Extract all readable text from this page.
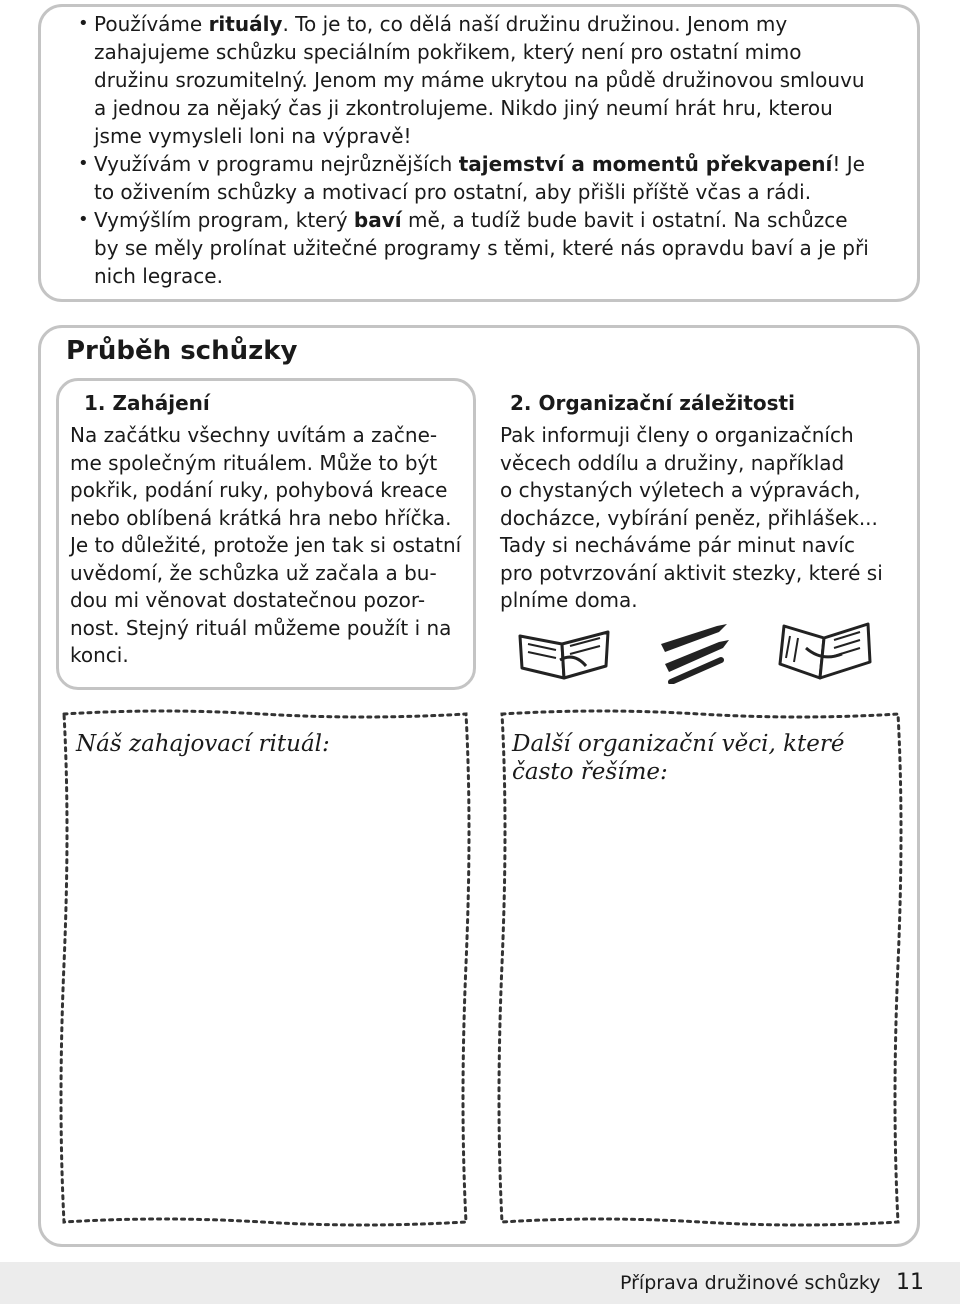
• Používáme rituály. To je to, co dělá naší družinu družinou. Jenom my zahajujeme schůzku speciálním pokřikem, který není pro ostatní mimo družinu srozumitelný. Jenom my máme ukrytou na půdě družinovou smlouvu a jednou za nějaký čas ji zkontrolujeme. Nikdo jiný neumí hrát hru, kterou jsme vymysleli loni na výpravě!
• Využívám v programu nejrůznějších tajemství a momentů překvapení! Je to oživením schůzky a motivací pro ostatní, aby přišli příště včas a rádi.
• Vymýšlím program, který baví mě, a tudíž bude bavit i ostatní. Na schůzce by se měly prolínat užitečné programy s těmi, které nás opravdu baví a je při nich legrace.
Průběh schůzky
1. Zahájení
Na začátku všechny uvítám a začne-
me společným rituálem. Může to být
pokřik, podání ruky, pohybová kreace
nebo oblíbená krátká hra nebo hříčka.
Je to důležité, protože jen tak si ostatní
uvědomí, že schůzka už začala a bu-
dou mi věnovat dostatečnou pozor-
nost. Stejný rituál můžeme použít i na
konci.
2. Organizační záležitosti
Pak informuji členy o organizačních
věcech oddílu a družiny, například
o chystaných výletech a výpravách,
docházce, vybírání peněz, přihlášek...
Tady si necháváme pár minut navíc
pro potvrzování aktivit stezky, které si
plníme doma.
Náš zahajovací rituál:	Další organizační věci, které
často řešíme:
Příprava družinové schůzky 11
